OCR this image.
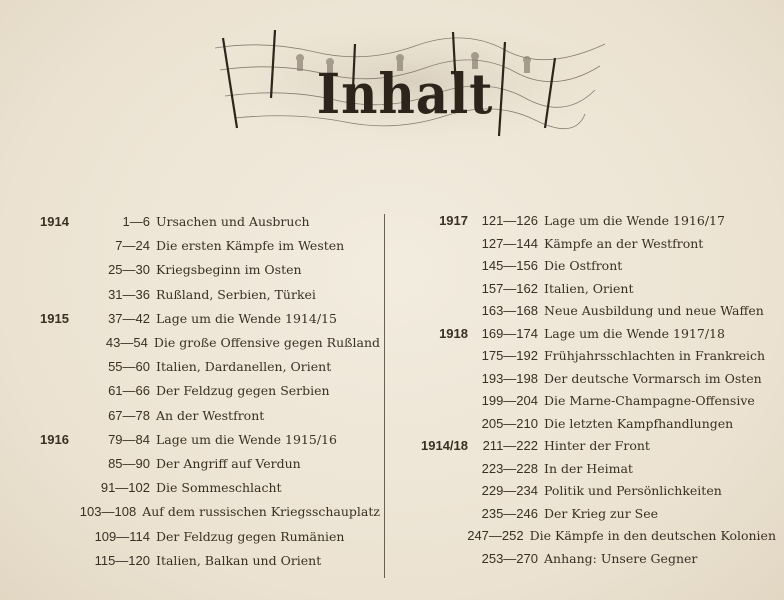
Inhalt
1914	1—6 Ursachen und Ausbruch
7—24 Die ersten Kämpfe im Westen
25—30 Kriegsbeginn im Osten
31—36 Rußland, Serbien, Türkei
1915	37—42 Lage um die Wende 1914/15
43—54 Die große Offensive gegen Rußland
55—60 Italien, Dardanellen, Orient
61—66 Der Feldzug gegen Serbien
67—78 An der Westfront
1916	79—84 Lage um die Wende 1915/16
85—90 Der Angriff auf Verdun
91—102 Die Sommeschlacht
103—108 Auf dem russischen Kriegsschauplatz
109—114 Der Feldzug gegen Rumänien
115—120 Italien, Balkan und Orient
1917	121—126 Lage um die Wende 1916/17
127—144 Kämpfe an der Westfront
145—156 Die Ostfront
157—162 Italien, Orient
163—168 Neue Ausbildung und neue Waffen
1918	169—174 Lage um die Wende 1917/18
175—192 Frühjahrsschlachten in Frankreich
193—198 Der deutsche Vormarsch im Osten
199—204 Die Marne-Champagne-Offensive
205—210 Die letzten Kampfhandlungen
1914/18	211—222 Hinter der Front
223—228 In der Heimat
229—234 Politik und Persönlichkeiten
235—246 Der Krieg zur See
247—252 Die Kämpfe in den deutschen Kolonien
253—270 Anhang: Unsere Gegner
